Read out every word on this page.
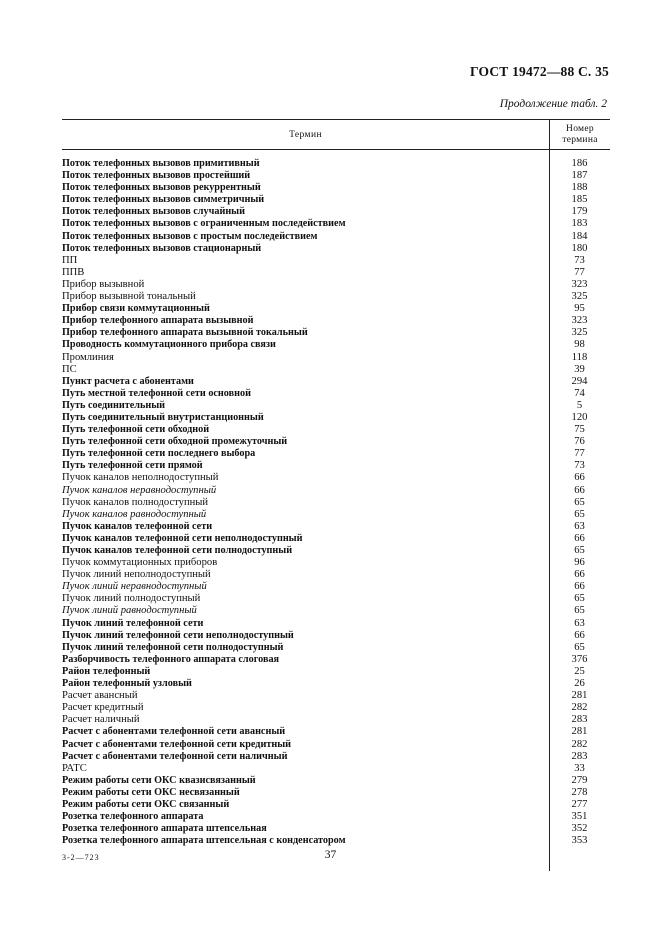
ГОСТ 19472—88 С. 35
Продолжение табл. 2
Термин
Номер
термина
Поток телефонных вызовов примитивный	186
Поток телефонных вызовов простейший	187
Поток телефонных вызовов рекуррентный	188
Поток телефонных вызовов симметричный	185
Поток телефонных вызовов случайный	179
Поток телефонных вызовов с ограниченным последействием	183
Поток телефонных вызовов с простым последействием	184
Поток телефонных вызовов стационарный	180
ПП	73
ППВ	77
Прибор вызывной	323
Прибор вызывной тональный	325
Прибор связи коммутационный	95
Прибор телефонного аппарата вызывной	323
Прибор телефонного аппарата вызывной токальный	325
Проводность коммутационного прибора связи	98
Промлиния	118
ПС	39
Пункт расчета с абонентами	294
Путь местной телефонной сети основной	74
Путь соединительный	5
Путь соединительный внутристанционный	120
Путь телефонной сети обходной	75
Путь телефонной сети обходной промежуточный	76
Путь телефонной сети последнего выбора	77
Путь телефонной сети прямой	73
Пучок каналов неполнодоступный	66
Пучок каналов неравнодоступный	66
Пучок каналов полнодоступный	65
Пучок каналов равнодоступный	65
Пучок каналов телефонной сети	63
Пучок каналов телефонной сети неполнодоступный	66
Пучок каналов телефонной сети полнодоступный	65
Пучок коммутационных приборов	96
Пучок линий неполнодоступный	66
Пучок линий неравнодоступный	66
Пучок линий полнодоступный	65
Пучок линий равнодоступный	65
Пучок линий телефонной сети	63
Пучок линий телефонной сети неполнодоступный	66
Пучок линий телефонной сети полнодоступный	65
Разборчивость телефонного аппарата слоговая	376
Район телефонный	25
Район телефонный узловый	26
Расчет авансный	281
Расчет кредитный	282
Расчет наличный	283
Расчет с абонентами телефонной сети авансный	281
Расчет с абонентами телефонной сети кредитный	282
Расчет с абонентами телефонной сети наличный	283
РАТС	33
Режим работы сети ОКС квазисвязанный	279
Режим работы сети ОКС несвязанный	278
Режим работы сети ОКС связанный	277
Розетка телефонного аппарата	351
Розетка телефонного аппарата штепсельная	352
Розетка телефонного аппарата штепсельная с конденсатором	353
3-2—723	37
